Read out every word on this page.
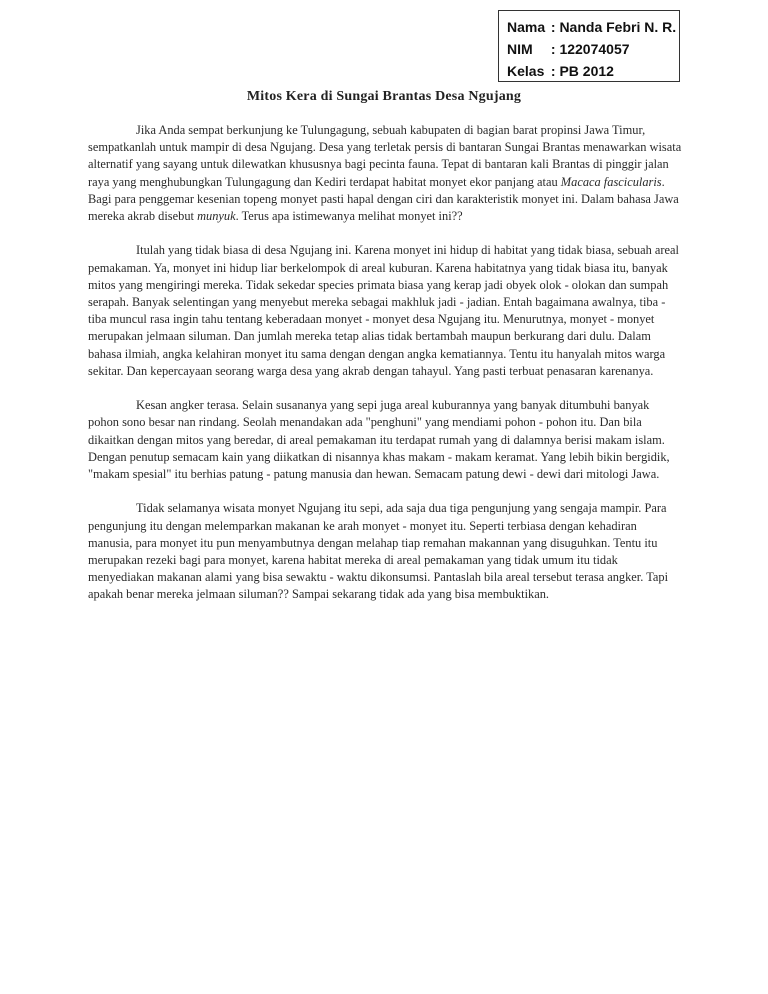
Nama : Nanda Febri N. R.
NIM : 122074057
Kelas : PB 2012
Mitos Kera di Sungai Brantas Desa Ngujang

Jika Anda sempat berkunjung ke Tulungagung, sebuah kabupaten di bagian barat propinsi Jawa Timur, sempatkanlah untuk mampir di desa Ngujang. Desa yang terletak persis di bantaran Sungai Brantas menawarkan wisata alternatif yang sayang untuk dilewatkan khususnya bagi pecinta fauna. Tepat di bantaran kali Brantas di pinggir jalan raya yang menghubungkan Tulungagung dan Kediri terdapat habitat monyet ekor panjang atau Macaca fascicularis. Bagi para penggemar kesenian topeng monyet pasti hapal dengan ciri dan karakteristik monyet ini. Dalam bahasa Jawa mereka akrab disebut munyuk. Terus apa istimewanya melihat monyet ini??

Itulah yang tidak biasa di desa Ngujang ini. Karena monyet ini hidup di habitat yang tidak biasa, sebuah areal pemakaman. Ya, monyet ini hidup liar berkelompok di areal kuburan. Karena habitatnya yang tidak biasa itu, banyak mitos yang mengiringi mereka. Tidak sekedar species primata biasa yang kerap jadi obyek olok - olokan dan sumpah serapah. Banyak selentingan yang menyebut mereka sebagai makhluk jadi - jadian. Entah bagaimana awalnya, tiba - tiba muncul rasa ingin tahu tentang keberadaan monyet - monyet desa Ngujang itu. Menurutnya, monyet - monyet merupakan jelmaan siluman. Dan jumlah mereka tetap alias tidak bertambah maupun berkurang dari dulu. Dalam bahasa ilmiah, angka kelahiran monyet itu sama dengan dengan angka kematiannya. Tentu itu hanyalah mitos warga sekitar. Dan kepercayaan seorang warga desa yang akrab dengan tahayul. Yang pasti terbuat penasaran karenanya.

Kesan angker terasa. Selain susananya yang sepi juga areal kuburannya yang banyak ditumbuhi banyak pohon sono besar nan rindang. Seolah menandakan ada "penghuni" yang mendiami pohon - pohon itu. Dan bila dikaitkan dengan mitos yang beredar, di areal pemakaman itu terdapat rumah yang di dalamnya berisi makam islam. Dengan penutup semacam kain yang diikatkan di nisannya khas makam - makam keramat. Yang lebih bikin bergidik, "makam spesial" itu berhias patung - patung manusia dan hewan. Semacam patung dewi - dewi dari mitologi Jawa.

Tidak selamanya wisata monyet Ngujang itu sepi, ada saja dua tiga pengunjung yang sengaja mampir. Para pengunjung itu dengan melemparkan makanan ke arah monyet - monyet itu. Seperti terbiasa dengan kehadiran manusia, para monyet itu pun menyambutnya dengan melahap tiap remahan makannan yang disuguhkan. Tentu itu merupakan rezeki bagi para monyet, karena habitat mereka di areal pemakaman yang tidak umum itu tidak menyediakan makanan alami yang bisa sewaktu - waktu dikonsumsi. Pantaslah bila areal tersebut terasa angker. Tapi apakah benar mereka jelmaan siluman?? Sampai sekarang tidak ada yang bisa membuktikan.
